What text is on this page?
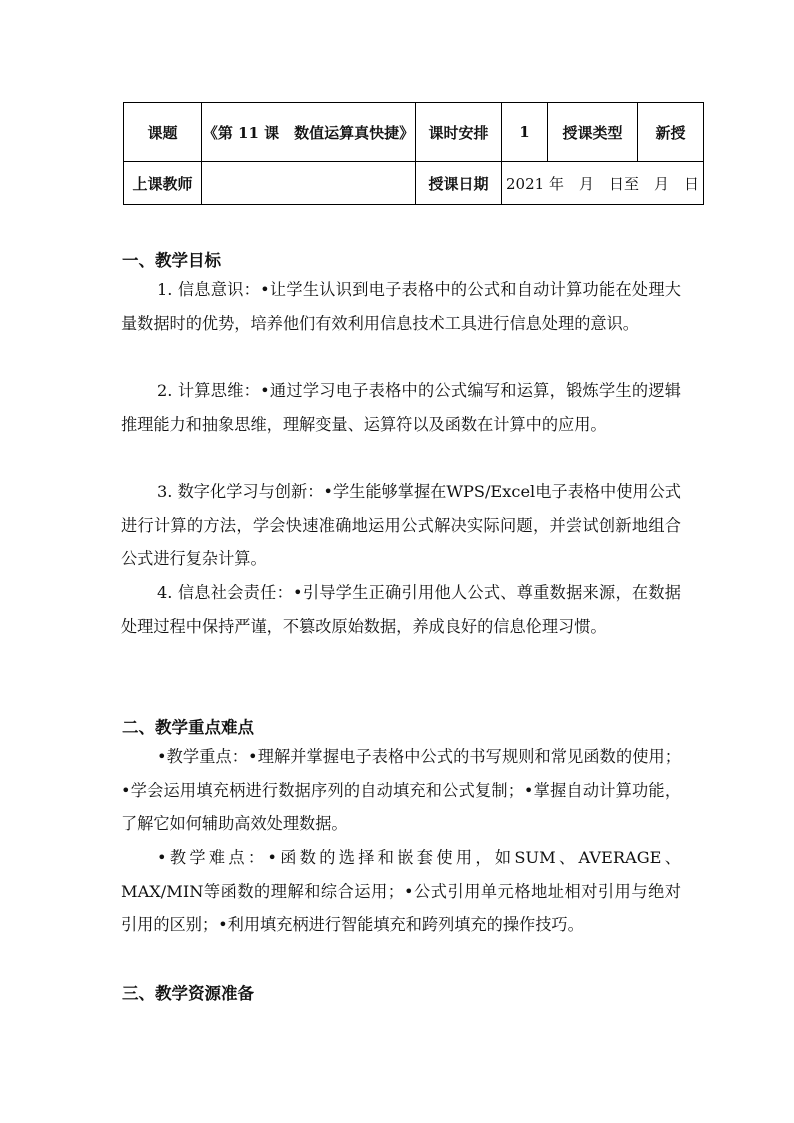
课题	《第 11 课　数值运算真快捷》	课时安排	1	授课类型	新授
上课教师		授课日期	2021 年　月　日至　月　日		
一、教学目标

1. 信息意识：•让学生认识到电子表格中的公式和自动计算功能在处理大量数据时的优势，培养他们有效利用信息技术工具进行信息处理的意识。

2. 计算思维：•通过学习电子表格中的公式编写和运算，锻炼学生的逻辑推理能力和抽象思维，理解变量、运算符以及函数在计算中的应用。

3. 数字化学习与创新：•学生能够掌握在WPS/Excel电子表格中使用公式进行计算的方法，学会快速准确地运用公式解决实际问题，并尝试创新地组合公式进行复杂计算。

4. 信息社会责任：•引导学生正确引用他人公式、尊重数据来源，在数据处理过程中保持严谨，不篡改原始数据，养成良好的信息伦理习惯。

二、教学重点难点

•教学重点：•理解并掌握电子表格中公式的书写规则和常见函数的使用；•学会运用填充柄进行数据序列的自动填充和公式复制；•掌握自动计算功能，了解它如何辅助高效处理数据。

•教学难点：•函数的选择和嵌套使用，如SUM、AVERAGE、MAX/MIN等函数的理解和综合运用；•公式引用单元格地址相对引用与绝对引用的区别；•利用填充柄进行智能填充和跨列填充的操作技巧。

三、教学资源准备
